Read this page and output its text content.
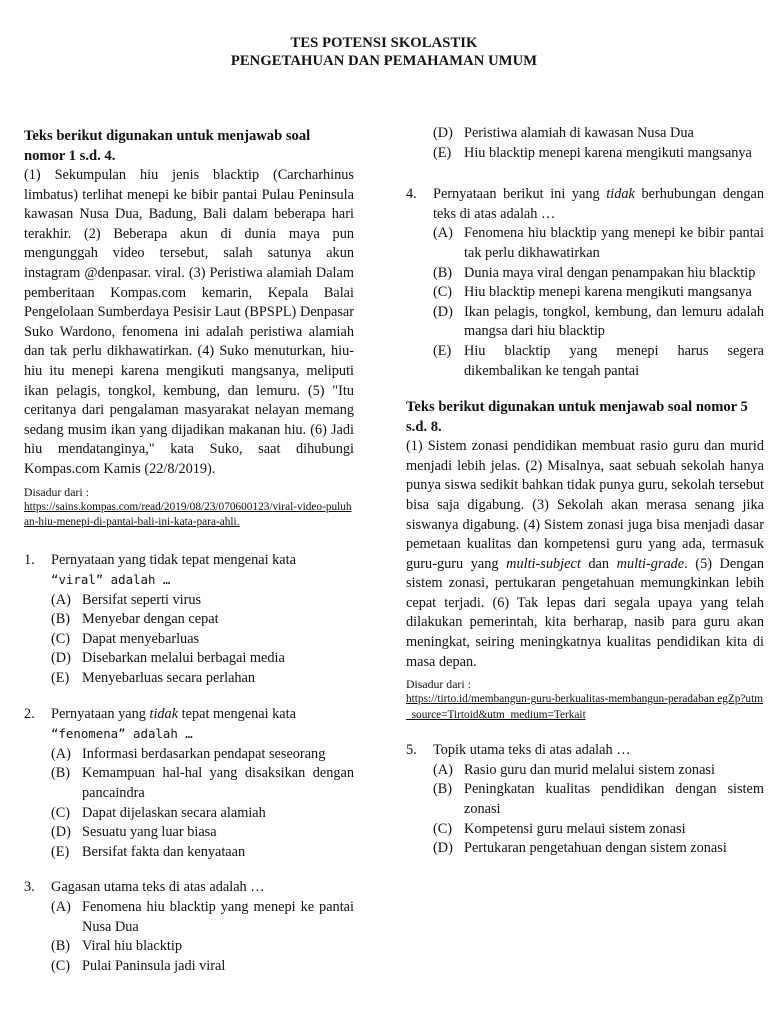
TES POTENSI SKOLASTIK
PENGETAHUAN DAN PEMAHAMAN UMUM

Teks berikut digunakan untuk menjawab soal nomor 1 s.d. 4.

(1) Sekumpulan hiu jenis blacktip (Carcharhinus limbatus) terlihat menepi ke bibir pantai Pulau Peninsula kawasan Nusa Dua, Badung, Bali dalam beberapa hari terakhir. (2) Beberapa akun di dunia maya pun mengunggah video tersebut, salah satunya akun instagram @denpasar. viral. (3) Peristiwa alamiah Dalam pemberitaan Kompas.com kemarin, Kepala Balai Pengelolaan Sumberdaya Pesisir Laut (BPSPL) Denpasar Suko Wardono, fenomena ini adalah peristiwa alamiah dan tak perlu dikhawatirkan. (4) Suko menuturkan, hiu-hiu itu menepi karena mengikuti mangsanya, meliputi ikan pelagis, tongkol, kembung, dan lemuru. (5) "Itu ceritanya dari pengalaman masyarakat nelayan memang sedang musim ikan yang dijadikan makanan hiu. (6) Jadi hiu mendatanginya," kata Suko, saat dihubungi Kompas.com Kamis (22/8/2019).

Disadur dari :
https://sains.kompas.com/read/2019/08/23/070600123/viral-video-puluhan-hiu-menepi-di-pantai-bali-ini-kata-para-ahli.
1.	Pernyataan yang tidak tepat mengenai kata
“viral” adalah …
(A) Bersifat seperti virus
(B) Menyebar dengan cepat
(C) Dapat menyebarluas
(D) Disebarkan melalui berbagai media
(E) Menyebarluas secara perlahan
2.	Pernyataan yang tidak tepat mengenai kata
“fenomena” adalah …
(A) Informasi berdasarkan pendapat seseorang
(B) Kemampuan hal-hal yang disaksikan dengan pancaindra
(C) Dapat dijelaskan secara alamiah
(D) Sesuatu yang luar biasa
(E) Bersifat fakta dan kenyataan
3.	Gagasan utama teks di atas adalah …
(A) Fenomena hiu blacktip yang menepi ke pantai Nusa Dua
(B) Viral hiu blacktip
(C) Pulai Paninsula jadi viral
(D) Peristiwa alamiah di kawasan Nusa Dua
(E) Hiu blacktip menepi karena mengikuti mangsanya
4.	Pernyataan berikut ini yang tidak berhubungan dengan teks di atas adalah …
(A) Fenomena hiu blacktip yang menepi ke bibir pantai tak perlu dikhawatirkan
(B) Dunia maya viral dengan penampakan hiu blacktip
(C) Hiu blacktip menepi karena mengikuti mangsanya
(D) Ikan pelagis, tongkol, kembung, dan lemuru adalah mangsa dari hiu blacktip
(E) Hiu blacktip yang menepi harus segera dikembalikan ke tengah pantai

Teks berikut digunakan untuk menjawab soal nomor 5 s.d. 8.

(1) Sistem zonasi pendidikan membuat rasio guru dan murid menjadi lebih jelas. (2) Misalnya, saat sebuah sekolah hanya punya siswa sedikit bahkan tidak punya guru, sekolah tersebut bisa saja digabung. (3) Sekolah akan merasa senang jika siswanya digabung. (4) Sistem zonasi juga bisa menjadi dasar pemetaan kualitas dan kompetensi guru yang ada, termasuk guru-guru yang multi-subject dan multi-grade. (5) Dengan sistem zonasi, pertukaran pengetahuan memungkinkan lebih cepat terjadi. (6) Tak lepas dari segala upaya yang telah dilakukan pemerintah, kita berharap, nasib para guru akan meningkat, seiring meningkatnya kualitas pendidikan kita di masa depan.

Disadur dari :
https://tirto.id/membangun-guru-berkualitas-membangun-peradaban egZp?utm_source=Tirtoid&utm_medium=Terkait
5.	Topik utama teks di atas adalah …
(A) Rasio guru dan murid melalui sistem zonasi
(B) Peningkatan kualitas pendidikan dengan sistem zonasi
(C) Kompetensi guru melaui sistem zonasi
(D) Pertukaran pengetahuan dengan sistem zonasi
